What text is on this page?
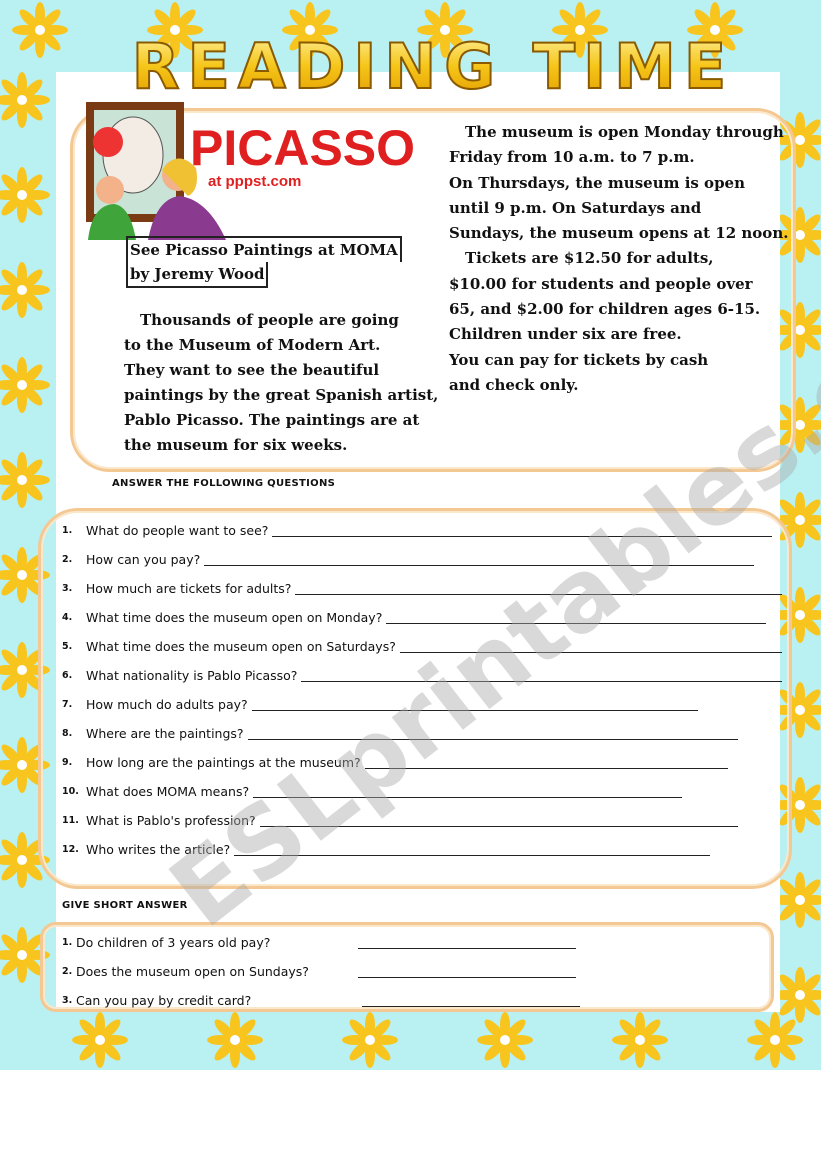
READING TIME
PICASSO
at pppst.com
See Picasso Paintings at MOMA
by Jeremy Wood
Thousands of people are going
to the Museum of Modern Art.
They want to see the beautiful
paintings by the great Spanish artist,
Pablo Picasso. The paintings are at
the museum for six weeks.
The museum is open Monday through
Friday from 10 a.m. to 7 p.m.
On Thursdays, the museum is open
until 9 p.m. On Saturdays and
Sundays, the museum opens at 12 noon.
Tickets are $12.50 for adults,
$10.00 for students and people over
65, and $2.00 for children ages 6-15.
Children under six are free.
You can pay for tickets by cash
and check only.
ANSWER THE FOLLOWING QUESTIONS
1.	What do people want to see?
2.	How can you pay?
3.	How much are tickets for adults?
4.	What time does the museum open on Monday?
5.	What time does the museum open on Saturdays?
6.	What nationality is Pablo Picasso?
7.	How much do adults pay?
8.	Where are the paintings?
9.	How long are the paintings at the museum?
10. What does MOMA means?
11. What is Pablo's profession?
12. Who writes the article?
GIVE SHORT ANSWER
1. Do children of 3 years old pay?
2. Does the museum open on Sundays?
3. Can you pay by credit card?
